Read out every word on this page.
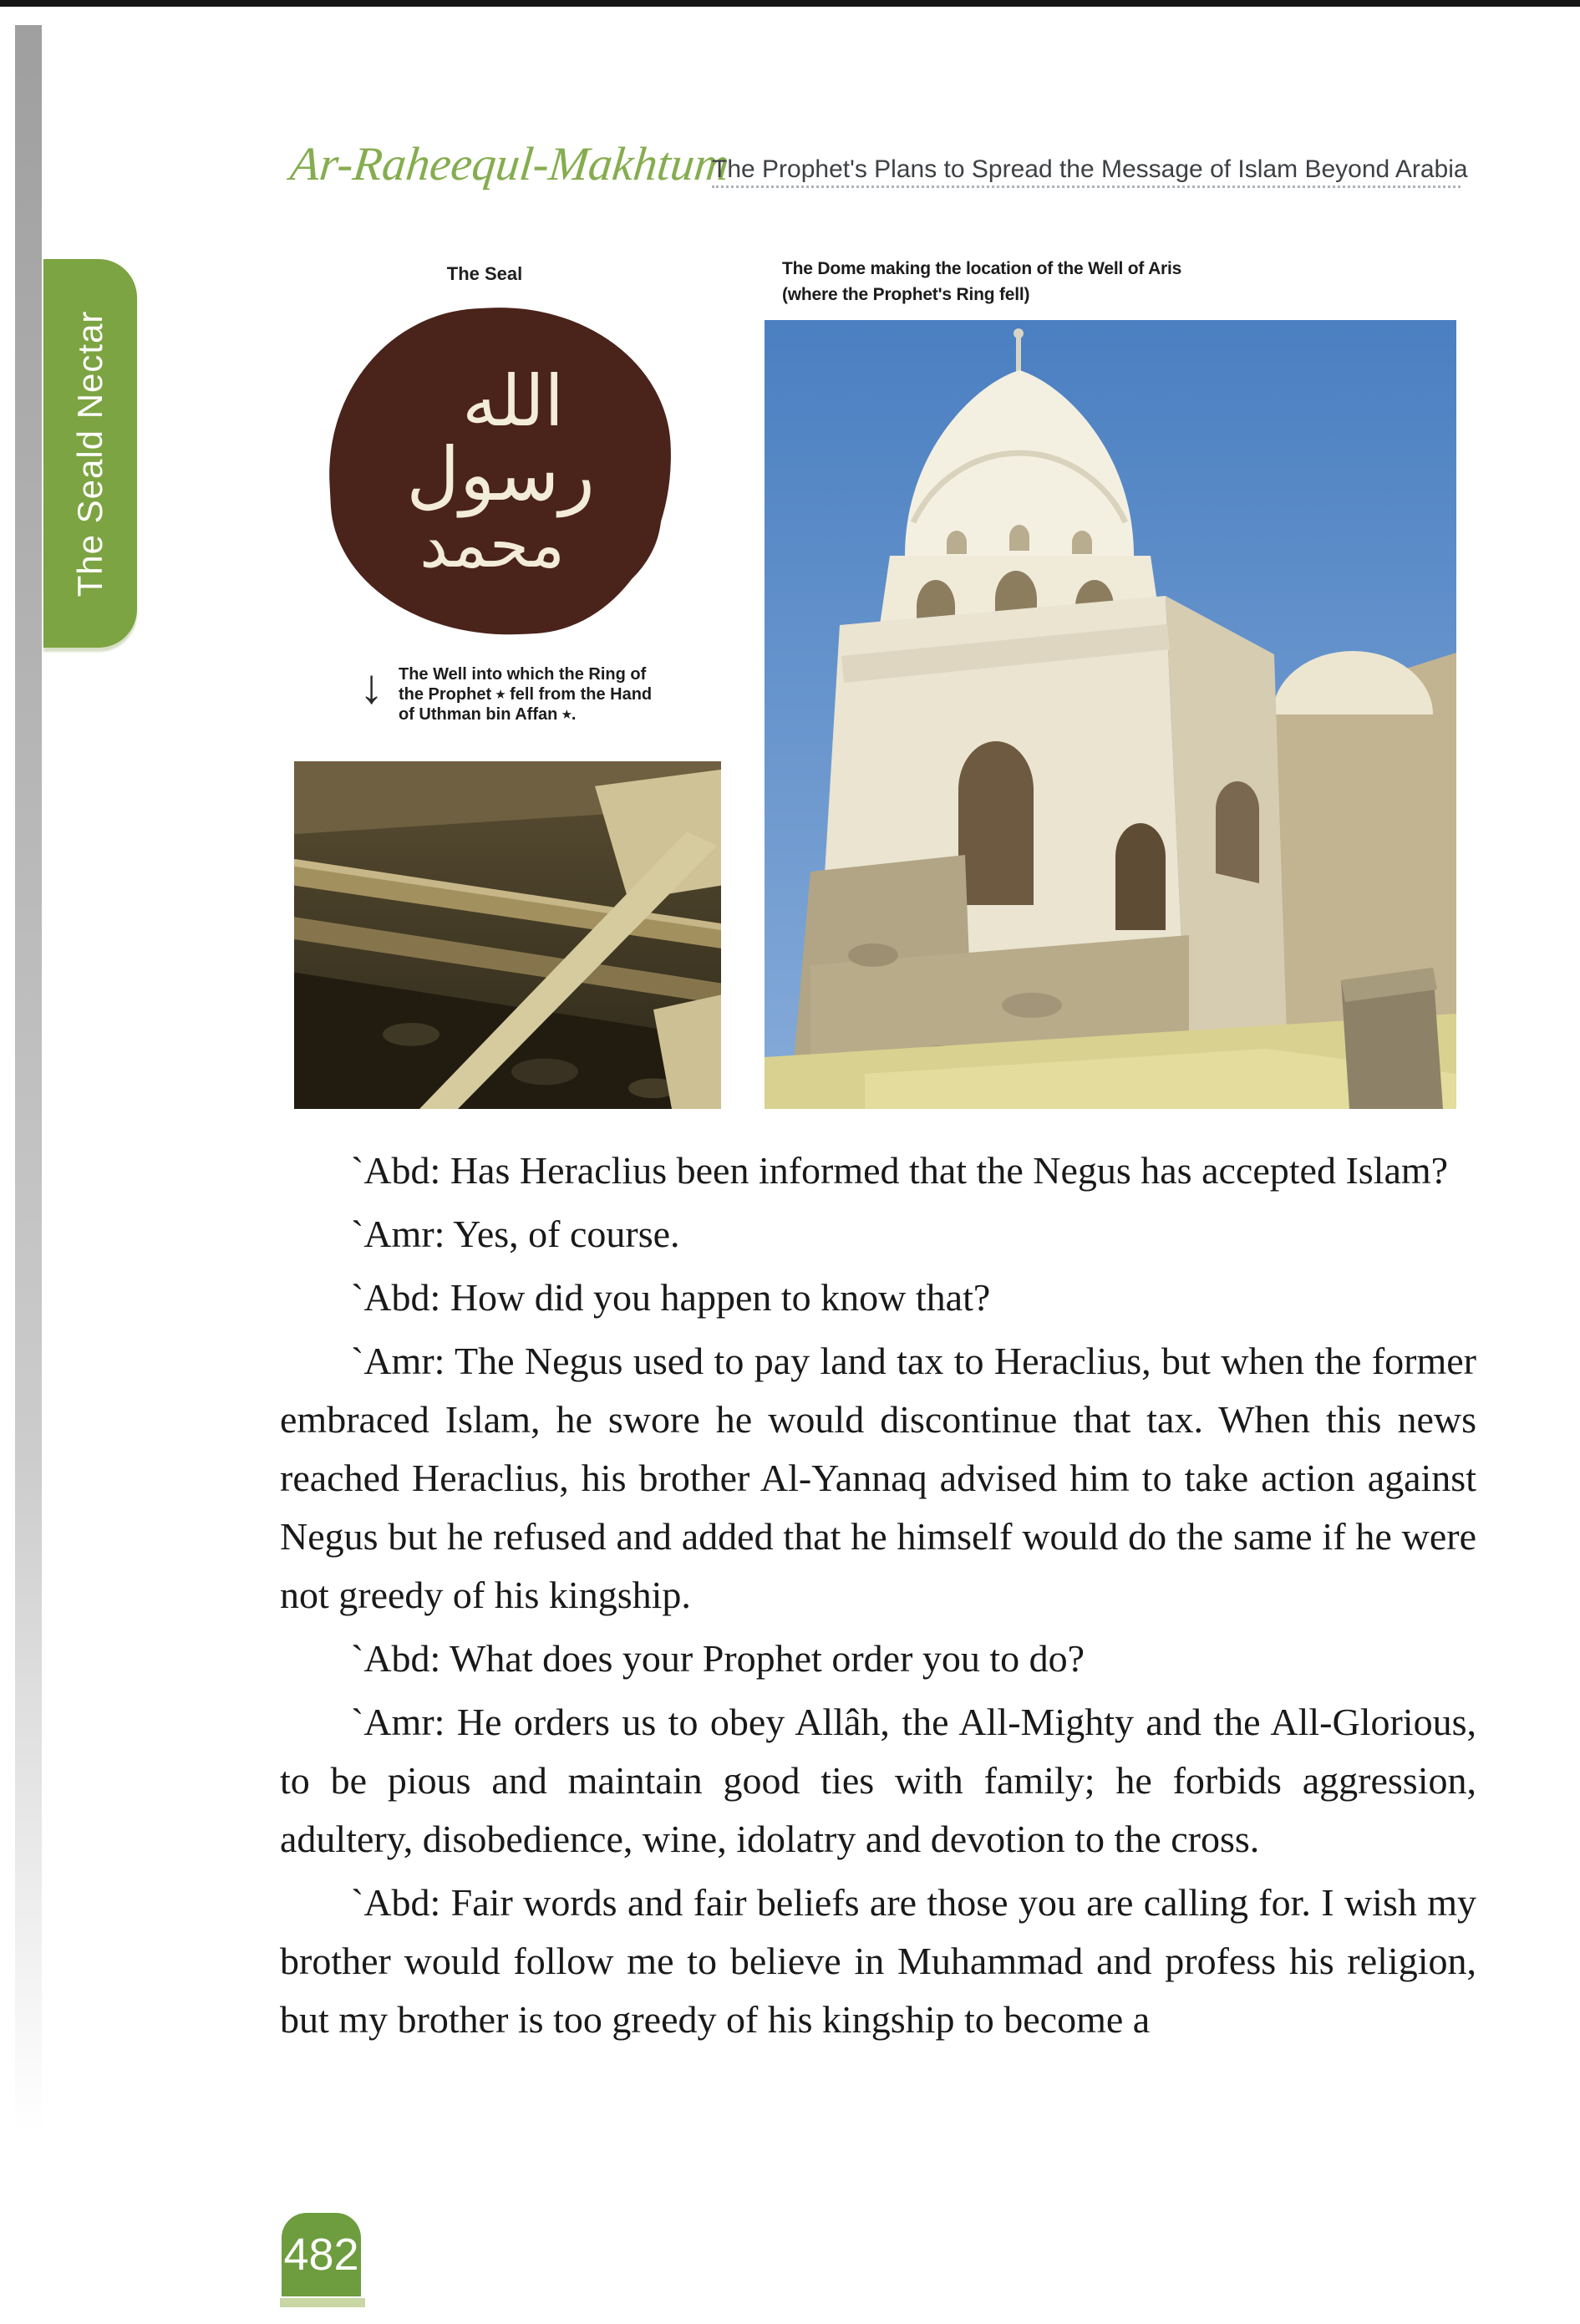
The Seald Nectar
Ar-Raheequl-Makhtum
The Prophet's Plans to Spread the Message of Islam Beyond Arabia
The Seal	The Dome making the location of the Well of Aris
(where the Prophet's Ring fell)
الله
رسول
محمد
↓ The Well into which the Ring of
the Prophet ٭ fell from the Hand
of Uthman bin Affan ٭.

`Abd: Has Heraclius been informed that the Negus has accepted Islam?

`Amr: Yes, of course.

`Abd: How did you happen to know that?

`Amr: The Negus used to pay land tax to Heraclius, but when the former embraced Islam, he swore he would discontinue that tax. When this news reached Heraclius, his brother Al-Yannaq advised him to take action against Negus but he refused and added that he himself would do the same if he were not greedy of his kingship.

`Abd: What does your Prophet order you to do?

`Amr: He orders us to obey Allâh, the All-Mighty and the All-Glorious, to be pious and maintain good ties with family; he forbids aggression, adultery, disobedience, wine, idolatry and devotion to the cross.

`Abd: Fair words and fair beliefs are those you are calling for. I wish my brother would follow me to believe in Muhammad and profess his religion, but my brother is too greedy of his kingship to become a

482
